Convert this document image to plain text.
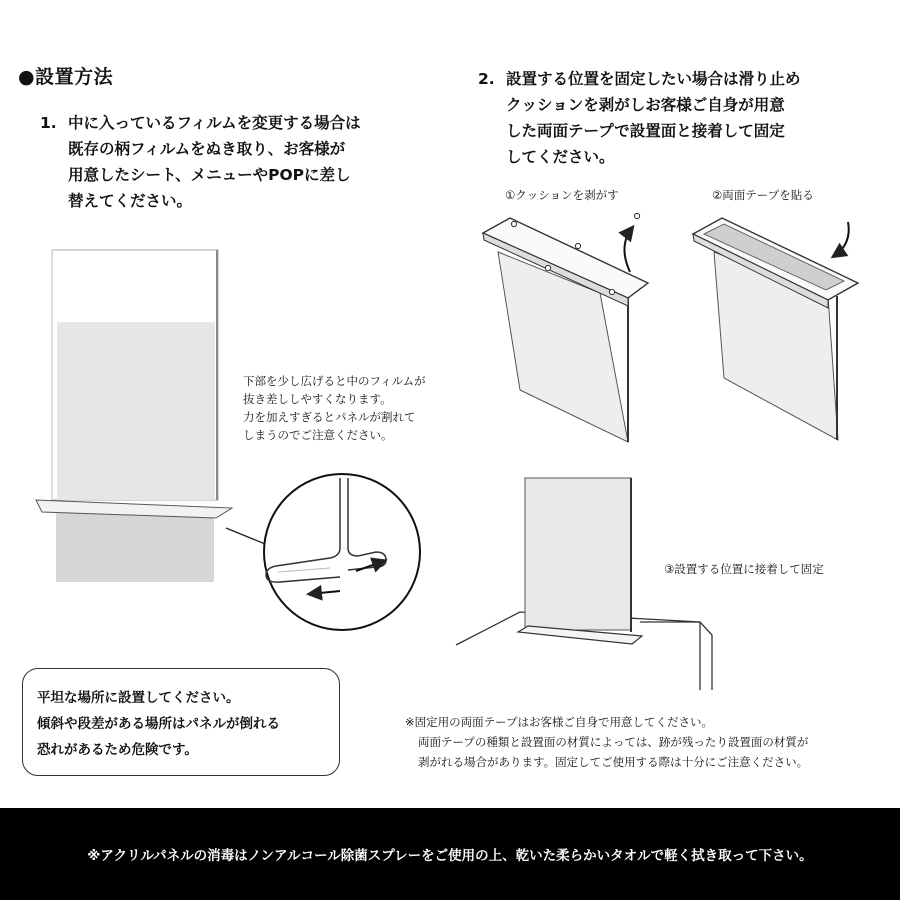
●設置方法
1. 中に入っているフィルムを変更する場合は
既存の柄フィルムをぬき取り、お客様が
用意したシート、メニューやPOPに差し
替えてください。
2. 設置する位置を固定したい場合は滑り止め
クッションを剥がしお客様ご自身が用意
した両面テープで設置面と接着して固定
してください。
下部を少し広げると中のフィルムが
抜き差ししやすくなります。
力を加えすぎるとパネルが割れて
しまうのでご注意ください。
①クッションを剥がす	②両面テープを貼る
③設置する位置に接着して固定
平坦な場所に設置してください。
傾斜や段差がある場所はパネルが倒れる
恐れがあるため危険です。
※固定用の両面テープはお客様ご自身で用意してください。
両面テープの種類と設置面の材質によっては、跡が残ったり設置面の材質が
剥がれる場合があります。固定してご使用する際は十分にご注意ください。
※アクリルパネルの消毒はノンアルコール除菌スプレーをご使用の上、乾いた柔らかいタオルで軽く拭き取って下さい。
